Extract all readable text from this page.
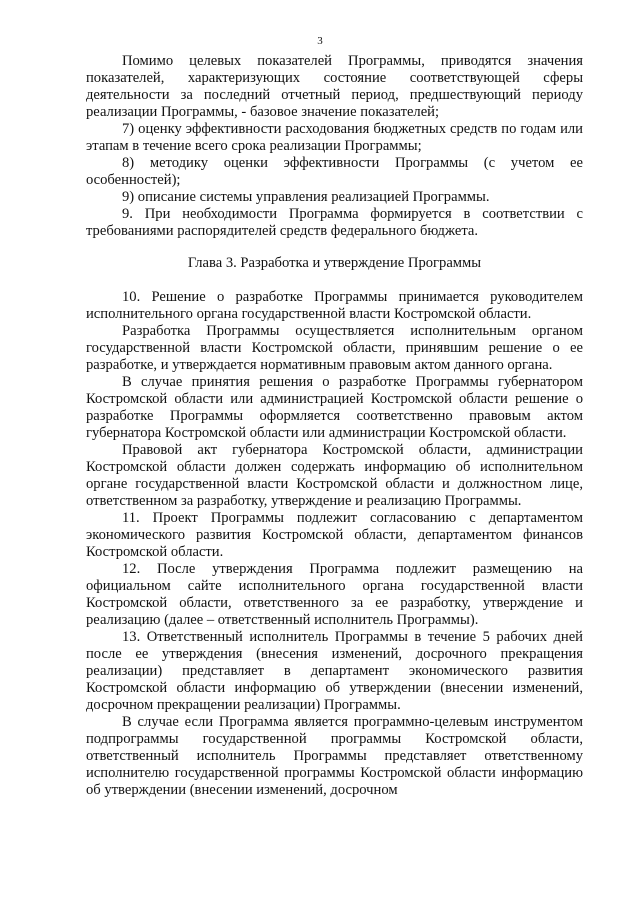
3

Помимо целевых показателей Программы, приводятся значения показателей, характеризующих состояние соответствующей сферы деятельности за последний отчетный период, предшествующий периоду реализации Программы, - базовое значение показателей;

7) оценку эффективности расходования бюджетных средств по годам или этапам в течение всего срока реализации Программы;

8) методику оценки эффективности Программы (с учетом ее особенностей);

9) описание системы управления реализацией Программы.

9. При необходимости Программа формируется в соответствии с требованиями распорядителей средств федерального бюджета.

Глава 3. Разработка и утверждение Программы

10. Решение о разработке Программы принимается руководителем исполнительного органа государственной власти Костромской области.

Разработка Программы осуществляется исполнительным органом государственной власти Костромской области, принявшим решение о ее разработке, и утверждается нормативным правовым актом данного органа.

В случае принятия решения о разработке Программы губернатором Костромской области или администрацией Костромской области решение о разработке Программы оформляется соответственно правовым актом губернатора Костромской области или администрации Костромской области.

Правовой акт губернатора Костромской области, администрации Костромской области должен содержать информацию об исполнительном органе государственной власти Костромской области и должностном лице, ответственном за разработку, утверждение и реализацию Программы.

11. Проект Программы подлежит согласованию с департаментом экономического развития Костромской области, департаментом финансов Костромской области.

12. После утверждения Программа подлежит размещению на официальном сайте исполнительного органа государственной власти Костромской области, ответственного за ее разработку, утверждение и реализацию (далее – ответственный исполнитель Программы).

13. Ответственный исполнитель Программы в течение 5 рабочих дней после ее утверждения (внесения изменений, досрочного прекращения реализации) представляет в департамент экономического развития Костромской области информацию об утверждении (внесении изменений, досрочном прекращении реализации) Программы.

В случае если Программа является программно-целевым инструментом подпрограммы государственной программы Костромской области, ответственный исполнитель Программы представляет ответственному исполнителю государственной программы Костромской области информацию об утверждении (внесении изменений, досрочном
